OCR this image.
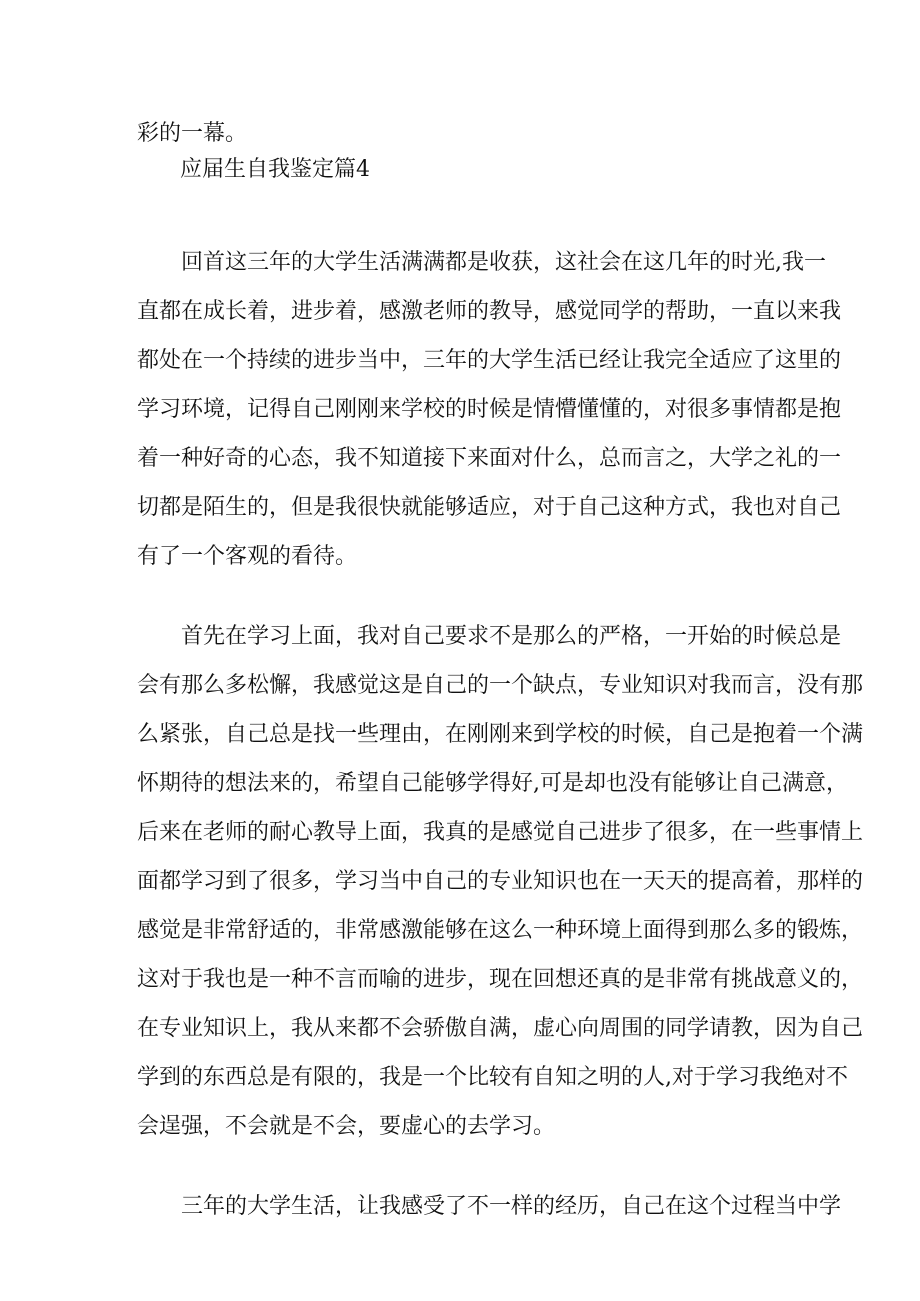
彩的一幕。
应届生自我鉴定篇4
　　回首这三年的大学生活满满都是收获，这社会在这几年的时光,我一
直都在成长着，进步着，感激老师的教导，感觉同学的帮助，一直以来我
都处在一个持续的进步当中，三年的大学生活已经让我完全适应了这里的
学习环境，记得自己刚刚来学校的时候是情懵懂懂的，对很多事情都是抱
着一种好奇的心态，我不知道接下来面对什么，总而言之，大学之礼的一
切都是陌生的，但是我很快就能够适应，对于自己这种方式，我也对自己
有了一个客观的看待。
　　首先在学习上面，我对自己要求不是那么的严格，一开始的时候总是
会有那么多松懈，我感觉这是自己的一个缺点，专业知识对我而言，没有那
么紧张，自己总是找一些理由，在刚刚来到学校的时候，自己是抱着一个满
怀期待的想法来的，希望自己能够学得好,可是却也没有能够让自己满意，
后来在老师的耐心教导上面，我真的是感觉自己进步了很多，在一些事情上
面都学习到了很多，学习当中自己的专业知识也在一天天的提高着，那样的
感觉是非常舒适的，非常感激能够在这么一种环境上面得到那么多的锻炼，
这对于我也是一种不言而喻的进步，现在回想还真的是非常有挑战意义的，
在专业知识上，我从来都不会骄傲自满，虚心向周围的同学请教，因为自己
学到的东西总是有限的，我是一个比较有自知之明的人,对于学习我绝对不
会逞强，不会就是不会，要虚心的去学习。
　　三年的大学生活，让我感受了不一样的经历，自己在这个过程当中学
